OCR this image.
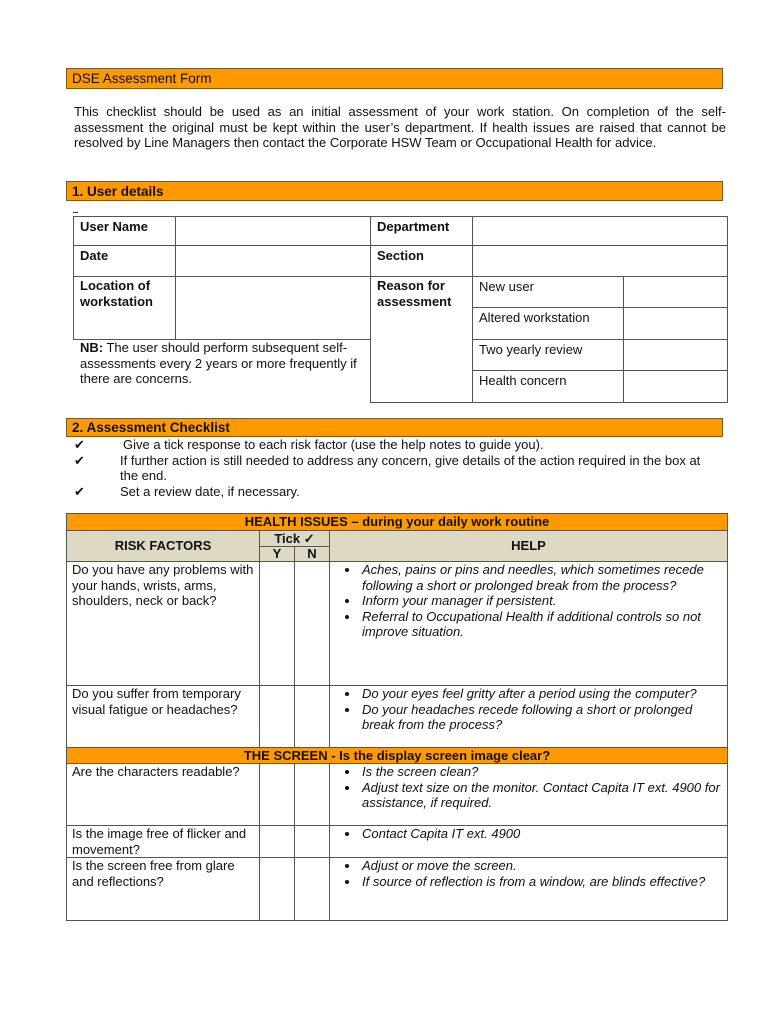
DSE Assessment Form
This checklist should be used as an initial assessment of your work station. On completion of the self-assessment the original must be kept within the user’s department. If health issues are raised that cannot be resolved by Line Managers then contact the Corporate HSW Team or Occupational Health for advice.
1. User details
User Name		Department		
Date		Section		
Location of workstation		Reason for assessment	New user	
			Altered workstation	
			Two yearly review	
			Health concern	
NB: The user should perform subsequent self-assessments every 2 years or more frequently if there are concerns.
2. Assessment Checklist
✔	Give a tick response to each risk factor (use the help notes to guide you).
✔	If further action is still needed to address any concern, give details of the action required in the box at the end.
✔	Set a review date, if necessary.
HEALTH ISSUES – during your daily work routine			
RISK FACTORS	Tick ✓		HELP
	Y	N	
Do you have any problems with your hands, wrists, arms, shoulders, neck or back?			
• Aches, pains or pins and needles, which sometimes recede following a short or prolonged break from the process?
• Inform your manager if persistent.
• Referral to Occupational Health if additional controls so not improve situation.

Do you suffer from temporary visual fatigue or headaches?			
• Do your eyes feel gritty after a period using the computer?
• Do your headaches recede following a short or prolonged break from the process?

THE SCREEN - Is the display screen image clear?			
Are the characters readable?			
•Is the screen clean?
• Adjust text size on the monitor. Contact Capita IT ext. 4900 for assistance, if required.

Is the image free of flicker and movement?			
• Contact Capita IT ext. 4900

Is the screen free from glare and reflections?			
• Adjust or move the screen.
• If source of reflection is from a window, are blinds effective?
